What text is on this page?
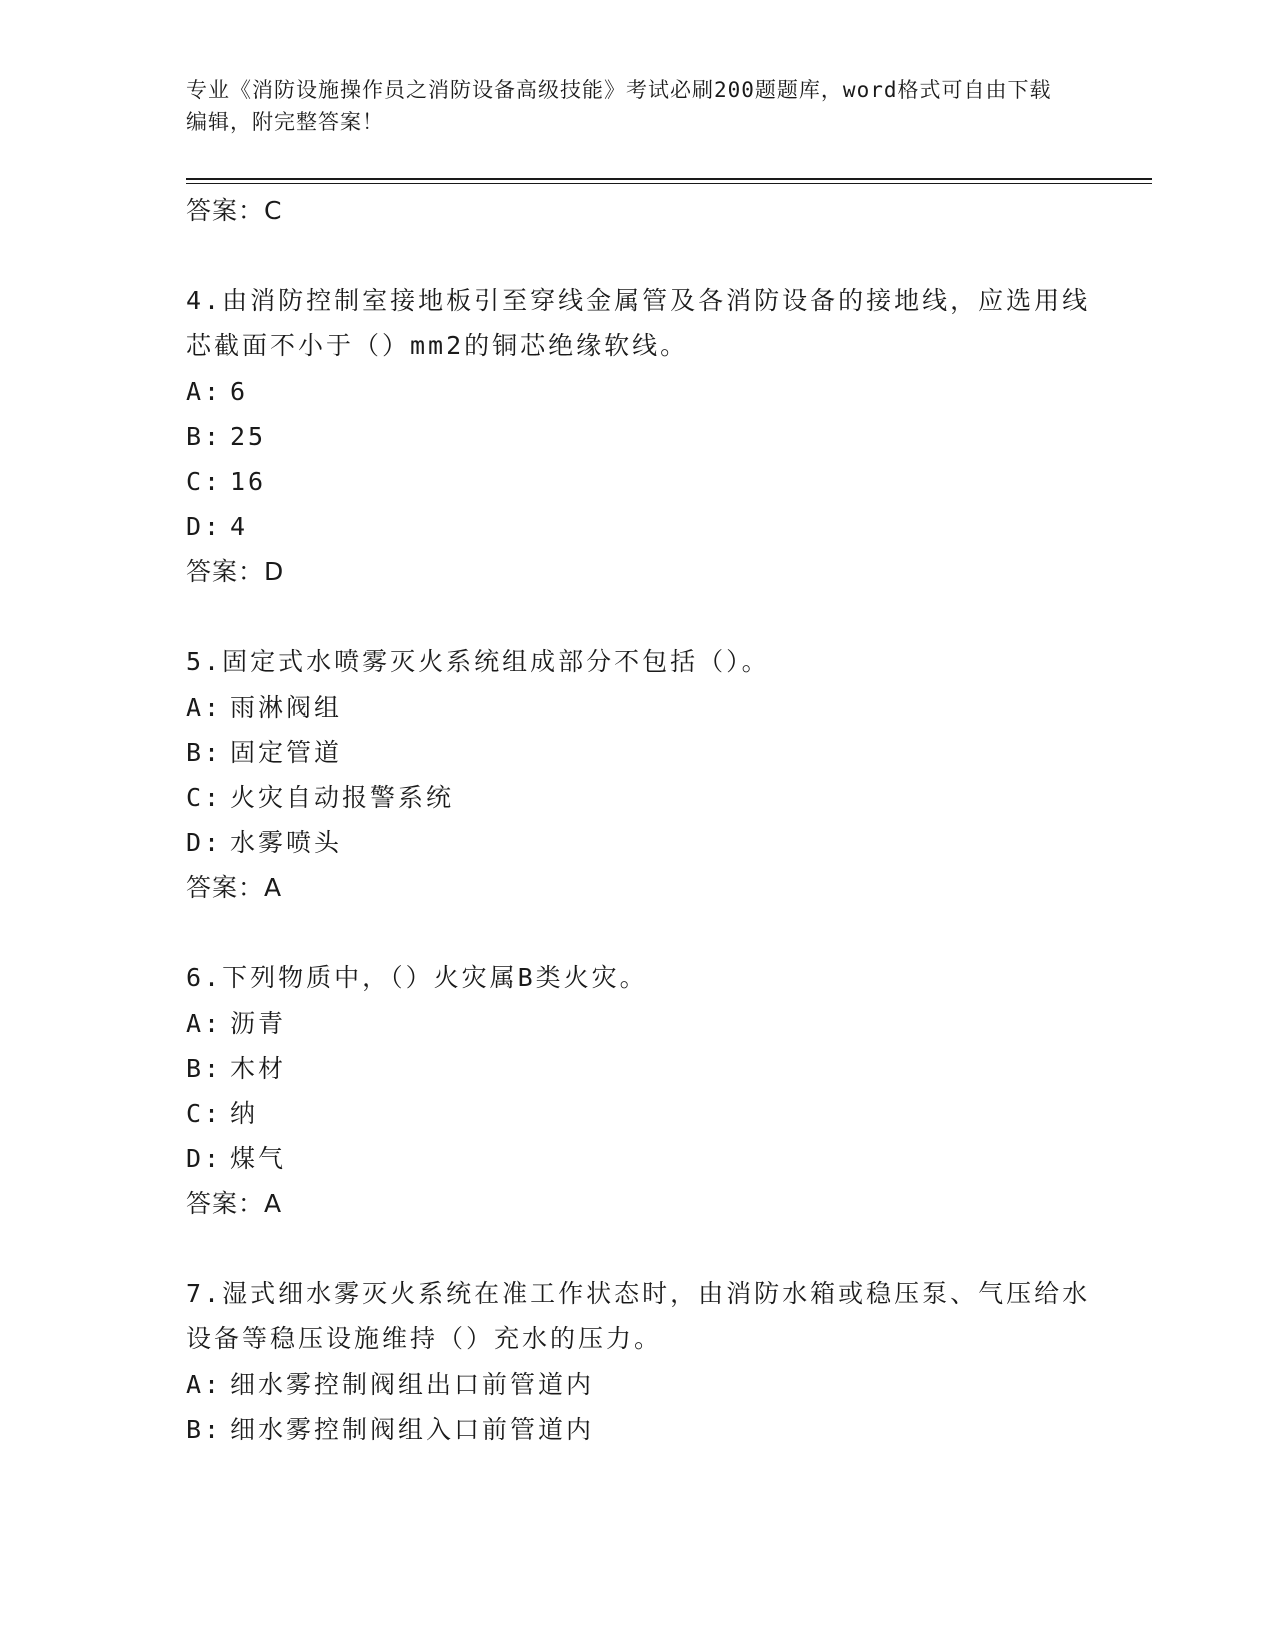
专业《消防设施操作员之消防设备高级技能》考试必刷200题题库，word格式可自由下载编辑，附完整答案！
答案：C
4.由消防控制室接地板引至穿线金属管及各消防设备的接地线，应选用线芯截面不小于（）mm2的铜芯绝缘软线。
A: 6
B: 25
C: 16
D: 4
答案：D
5.固定式水喷雾灭火系统组成部分不包括（）。
A: 雨淋阀组
B: 固定管道
C: 火灾自动报警系统
D: 水雾喷头
答案：A
6.下列物质中，（）火灾属B类火灾。
A: 沥青
B: 木材
C: 纳
D: 煤气
答案：A
7.湿式细水雾灭火系统在准工作状态时，由消防水箱或稳压泵、气压给水设备等稳压设施维持（）充水的压力。
A: 细水雾控制阀组出口前管道内
B: 细水雾控制阀组入口前管道内
